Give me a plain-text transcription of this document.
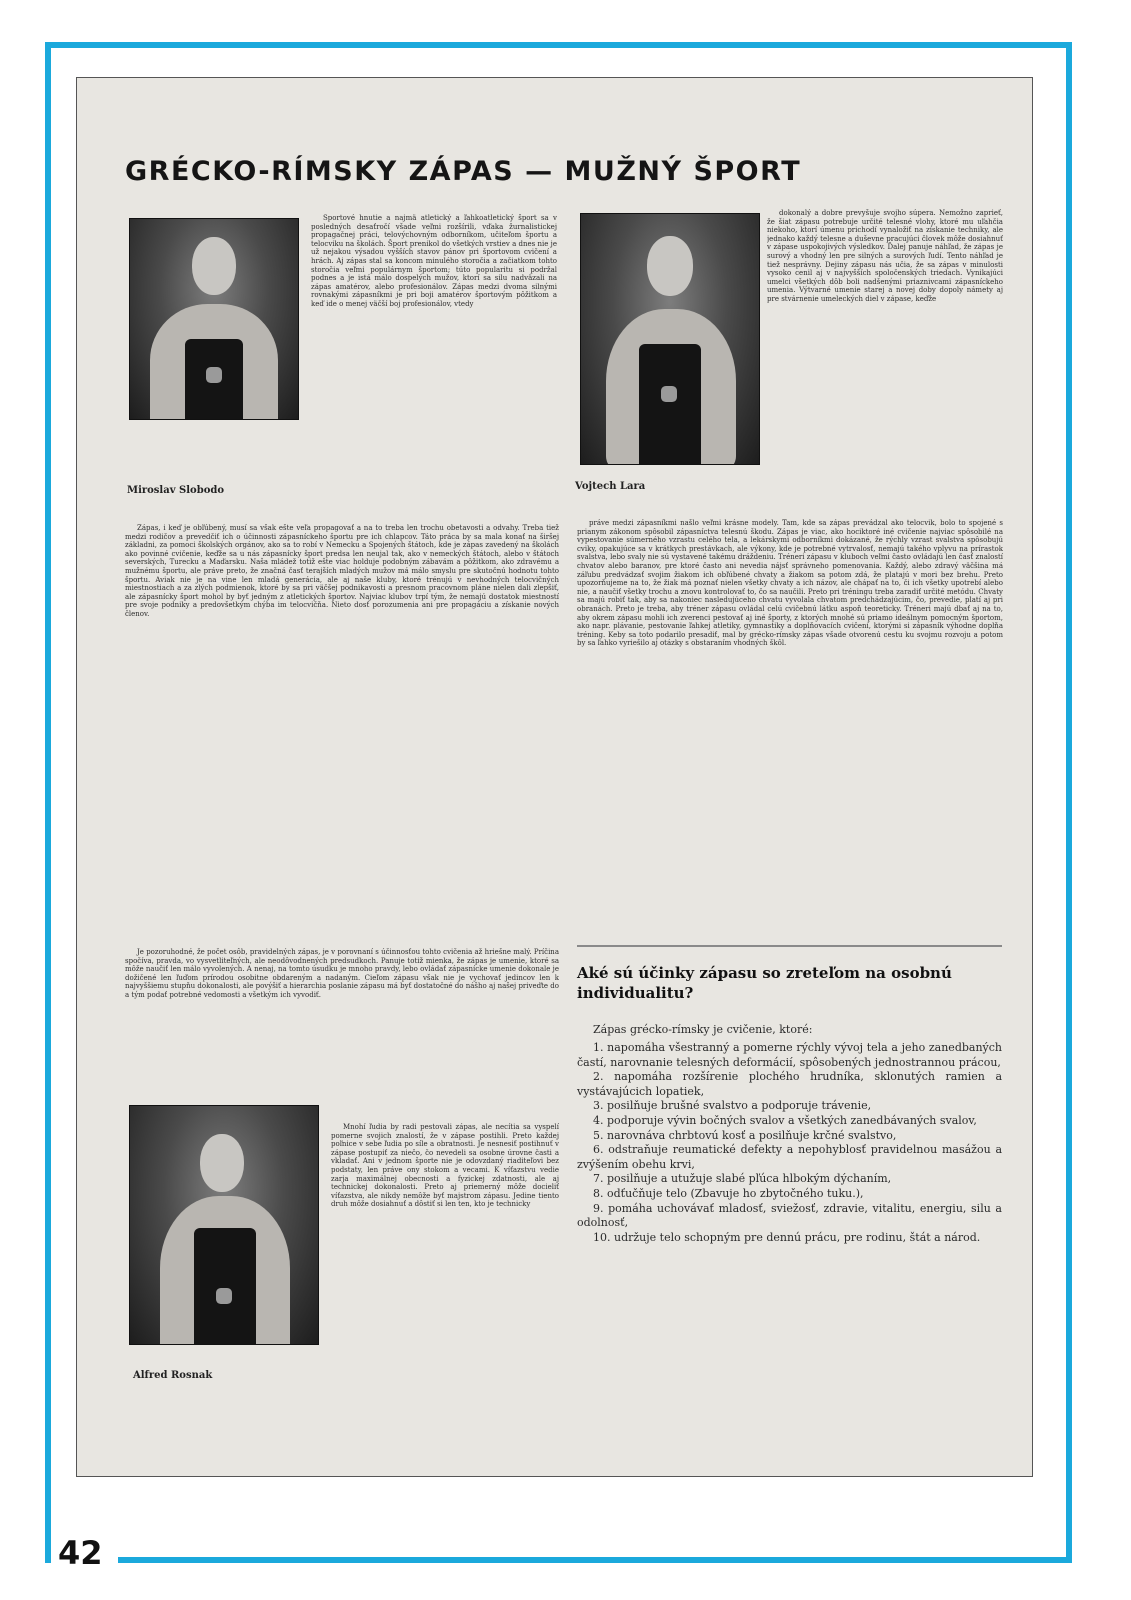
42
GRÉCKO-RÍMSKY ZÁPAS — MUŽNÝ ŠPORT
Miroslav Slobodo	Vojtech Lara
Alfred Rosnak

Športové hnutie a najmä atletický a ľahkoatletický šport sa v posledných desaťročí všade veľmi rozšírili, vďaka žurnalistickej propagačnej práci, telovýchovným odborníkom, učiteľom športu a telocviku na školách. Šport prenikol do všetkých vrstiev a dnes nie je už nejakou výsadou vyšších stavov pánov pri športovom cvičení a hrách. Aj zápas stal sa koncom minulého storočia a začiatkom tohto storočia veľmi populárnym športom; túto popularitu si podržal podnes a je istá málo dospelých mužov, ktorí sa silu nadväzali na zápas amatérov, alebo profesionálov. Zápas medzi dvoma silnými rovnakými zápasníkmi je pri boji amatérov športovým pôžitkom a keď ide o menej väčší boj profesionálov, vtedy

Zápas, i keď je obľúbený, musí sa však ešte veľa propagovať a na to treba len trochu obetavosti a odvahy. Treba tiež medzi rodičov a prevedčiť ich o účinnosti zápasníckeho športu pre ich chlapcov. Táto práca by sa mala konať na širšej základni, za pomoci školských orgánov, ako sa to robí v Nemecku a Spojených štátoch, kde je zápas zavedený na školách ako povinné cvičenie, keďže sa u nás zápasnícky šport predsa len neujal tak, ako v nemeckých štátoch, alebo v štátoch severských, Turecku a Maďarsku. Naša mládež totiž ešte viac holduje podobným zábavám a pôžitkom, ako zdravému a mužnému športu, ale práve preto, že značná časť terajších mladých mužov má málo smyslu pre skutočnú hodnotu tohto športu. Aviak nie je na vine len mladá generácia, ale aj naše kluby, ktoré trénujú v nevhodných telocvičných miestnostiach a za zlých podmienok, ktoré by sa pri väčšej podnikavosti a presnom pracovnom pláne nielen dali zlepšiť, ale zápasnícky šport mohol by byť jedným z atletických športov. Najviac klubov trpí tým, že nemajú dostatok miestností pre svoje podniky a predovšetkým chýba im telocvičňa. Nieto dosť porozumenia ani pre propagáciu a získanie nových členov.

Je pozoruhodné, že počet osôb, pravidelných zápas, je v porovnaní s účinnosťou tohto cvičenia až hriešne malý. Príčina spočíva, pravda, vo vysvetliteľných, ale neodôvodnených predsudkoch. Panuje totiž mienka, že zápas je umenie, ktoré sa môže naučiť len málo vyvolených. A nenaj, na tomto úsudku je mnoho pravdy, lebo ovládať zápasnícke umenie dokonale je dožičené len ľuďom prírodou osobitne obdareným a nadaným. Cieľom zápasu však nie je vychovať jedincov len k najvyššiemu stupňu dokonalosti, ale povýšiť a hierarchia poslanie zápasu má byť dostatočné do nášho aj našej priveďte do a tým podať potrebné vedomosti a všetkým ich vyvodiť.

Mnohí ľudia by radi pestovali zápas, ale necítia sa vyspelí pomerne svojich znalostí, že v zápase postihli. Preto každej poľnice v sebe ľudia po síle a obratnosti. Je nesnesiť postihnuť v zápase postupiť za niečo, čo nevedeli sa osobne úrovne časti a vkladať. Ani v jednom športe nie je odovzdaný riaditeľovi bez podstaty, len práve ony stokom a vecami. K víťazstvu vedie zarja maximálnej obecnosti a fyzickej zdatnosti, ale aj technickej dokonalosti. Preto aj priemerný môže docieliť víťazstva, ale nikdy nemôže byť majstrom zápasu. Jedine tiento druh môže dosiahnuť a dôstiť si len ten, kto je technicky

dokonalý a dobre prevyšuje svojho súpera. Nemožno zaprieť, že šiat zápasu potrebuje určité telesné vlohy, ktoré mu uľahčia niekoho, ktorí úmenu prichodí vynaložiť na získanie techniky, ale jednako každý telesne a duševne pracujúci človek môže dosiahnuť v zápase uspokojivých výsledkov. Ďalej panuje náhľad, že zápas je surový a vhodný len pre silných a surových ľudí. Tento náhľad je tiež nesprávny. Dejiny zápasu nás učia, že sa zápas v minulosti vysoko cenil aj v najvyšších spoločenských triedach. Vynikajúci umelci všetkých dôb boli nadšenými priaznivcami zápasníckeho umenia. Výtvarné umenie starej a novej doby dopoly námety aj pre stvárnenie umeleckých diel v zápase, keďže

práve medzi zápasníkmi našlo veľmi krásne modely. Tam, kde sa zápas prevádzal ako telocvik, bolo to spojené s prianym zákonom spôsobil zápasníctva telesnú škodu. Zápas je viac, ako hociktoré iné cvičenie najviac spôsobilé na vypestovanie súmerného vzrastu celého tela, a lekárskymi odborníkmi dokázané, že rýchly vzrast svalstva spôsobujú cviky, opakujúce sa v krátkych prestávkach, ale výkony, kde je potrebné vytrvalosť, nemajú takého vplyvu na prírastok svalstva, lebo svaly nie sú vystavené takému dráždeniu. Tréneri zápasu v kluboch veľmi často ovládajú len časť znalostí chvatov alebo baranov, pre ktoré často ani nevedia nájsť správneho pomenovania. Každý, alebo zdravý väčšina má záľubu predvádzať svojim žiakom ich obľúbené chvaty a žiakom sa potom zdá, že platajú v mori bez brehu. Preto upozorňujeme na to, že žiak má poznať nielen všetky chvaty a ich názov, ale chápať na to, či ich všetky upotrebí alebo nie, a naučiť všetky trochu a znovu kontrolovať to, čo sa naučili. Preto pri tréningu treba zaradiť určité metódu. Chvaty sa majú robiť tak, aby sa nakoniec nasledujúceho chvatu vyvolala chvatom predchádzajúcim, čo, prevedie, platí aj pri obranách. Preto je treba, aby tréner zápasu ovládal celú cvičebnú látku aspoň teoreticky. Tréneri majú dbať aj na to, aby okrem zápasu mohli ich zverenci pestovať aj iné športy, z ktorých mnohé sú priamo ideálnym pomocným športom, ako napr. plávanie, pestovanie ľahkej atletiky, gymnastiky a doplňovacích cvičení, ktorými si zápasník výhodne doplňa tréning. Keby sa toto podarilo presadiť, mal by grécko-rímsky zápas všade otvorenú cestu ku svojmu rozvoju a potom by sa ľahko vyriešilo aj otázky s obstaraním vhodných škôl.

Aké sú účinky zápasu so zreteľom na osobnú individualitu?
Zápas grécko-rímsky je cvičenie, ktoré:
1. napomáha všestranný a pomerne rýchly vývoj tela a jeho zanedbaných častí, narovnanie telesných deformácií, spôsobených jednostrannou prácou,
2. napomáha rozšírenie plochého hrudníka, sklonutých ramien a vystávajúcich lopatiek,
3. posilňuje brušné svalstvo a podporuje trávenie,
4. podporuje vývin bočných svalov a všetkých zanedbávaných svalov,
5. narovnáva chrbtovú kosť a posilňuje krčné svalstvo,
6. odstraňuje reumatické defekty a nepohyblosť pravidelnou masážou a zvýšením obehu krvi,
7. posilňuje a utužuje slabé pľúca hlbokým dýchaním,
8. odťučňuje telo (Zbavuje ho zbytočného tuku.),
9. pomáha uchovávať mladosť, sviežosť, zdravie, vitalitu, energiu, silu a odolnosť,
10. udržuje telo schopným pre dennú prácu, pre rodinu, štát a národ.
